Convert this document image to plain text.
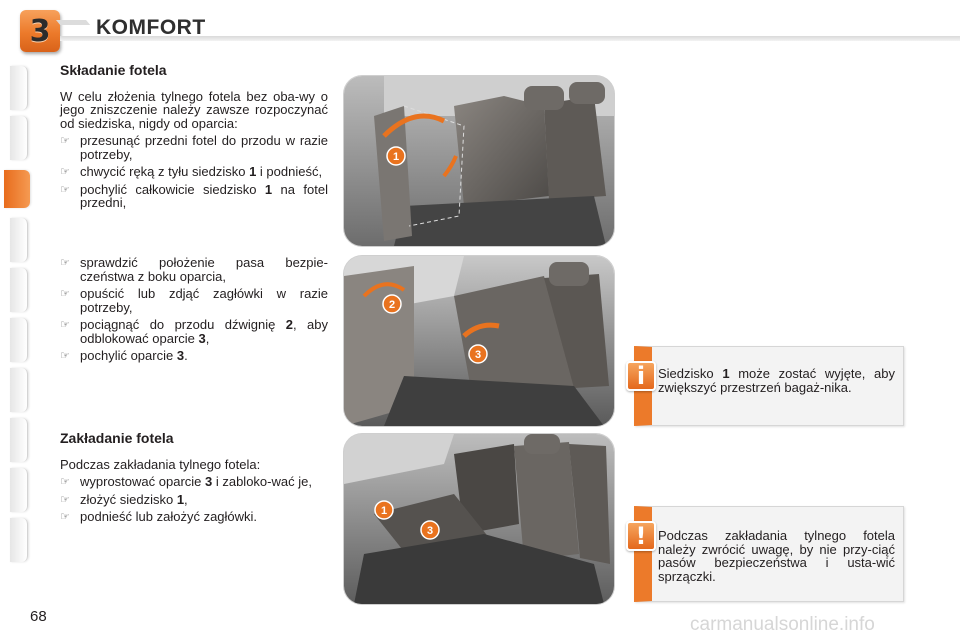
3 KOMFORT
Składanie fotela

W celu złożenia tylnego fotela bez oba-wy o jego zniszczenie należy zawsze rozpoczynać od siedziska, nigdy od oparcia:

☞ przesunąć przedni fotel do przodu w razie potrzeby,
☞ chwycić ręką z tyłu siedzisko 1 i podnieść,
☞ pochylić całkowicie siedzisko 1 na fotel przedni,
☞ sprawdzić położenie pasa bezpie-czeństwa z boku oparcia,
☞ opuścić lub zdjąć zagłówki w razie potrzeby,
☞ pociągnąć do przodu dźwignię 2, aby odblokować oparcie 3,
☞ pochylić oparcie 3.
Zakładanie fotela

Podczas zakładania tylnego fotela:

☞ wyprostować oparcie 3 i zabloko-wać je,
☞ złożyć siedzisko 1,
☞ podnieść lub założyć zagłówki.
1
2
3
1
3
i Siedzisko 1 może zostać wyjęte, aby zwiększyć przestrzeń bagaż-nika.

! Podczas zakładania tylnego fotela należy zwrócić uwagę, by nie przy-ciąć pasów bezpieczeństwa i usta-wić sprzączki.

68	carmanualsonline.info
